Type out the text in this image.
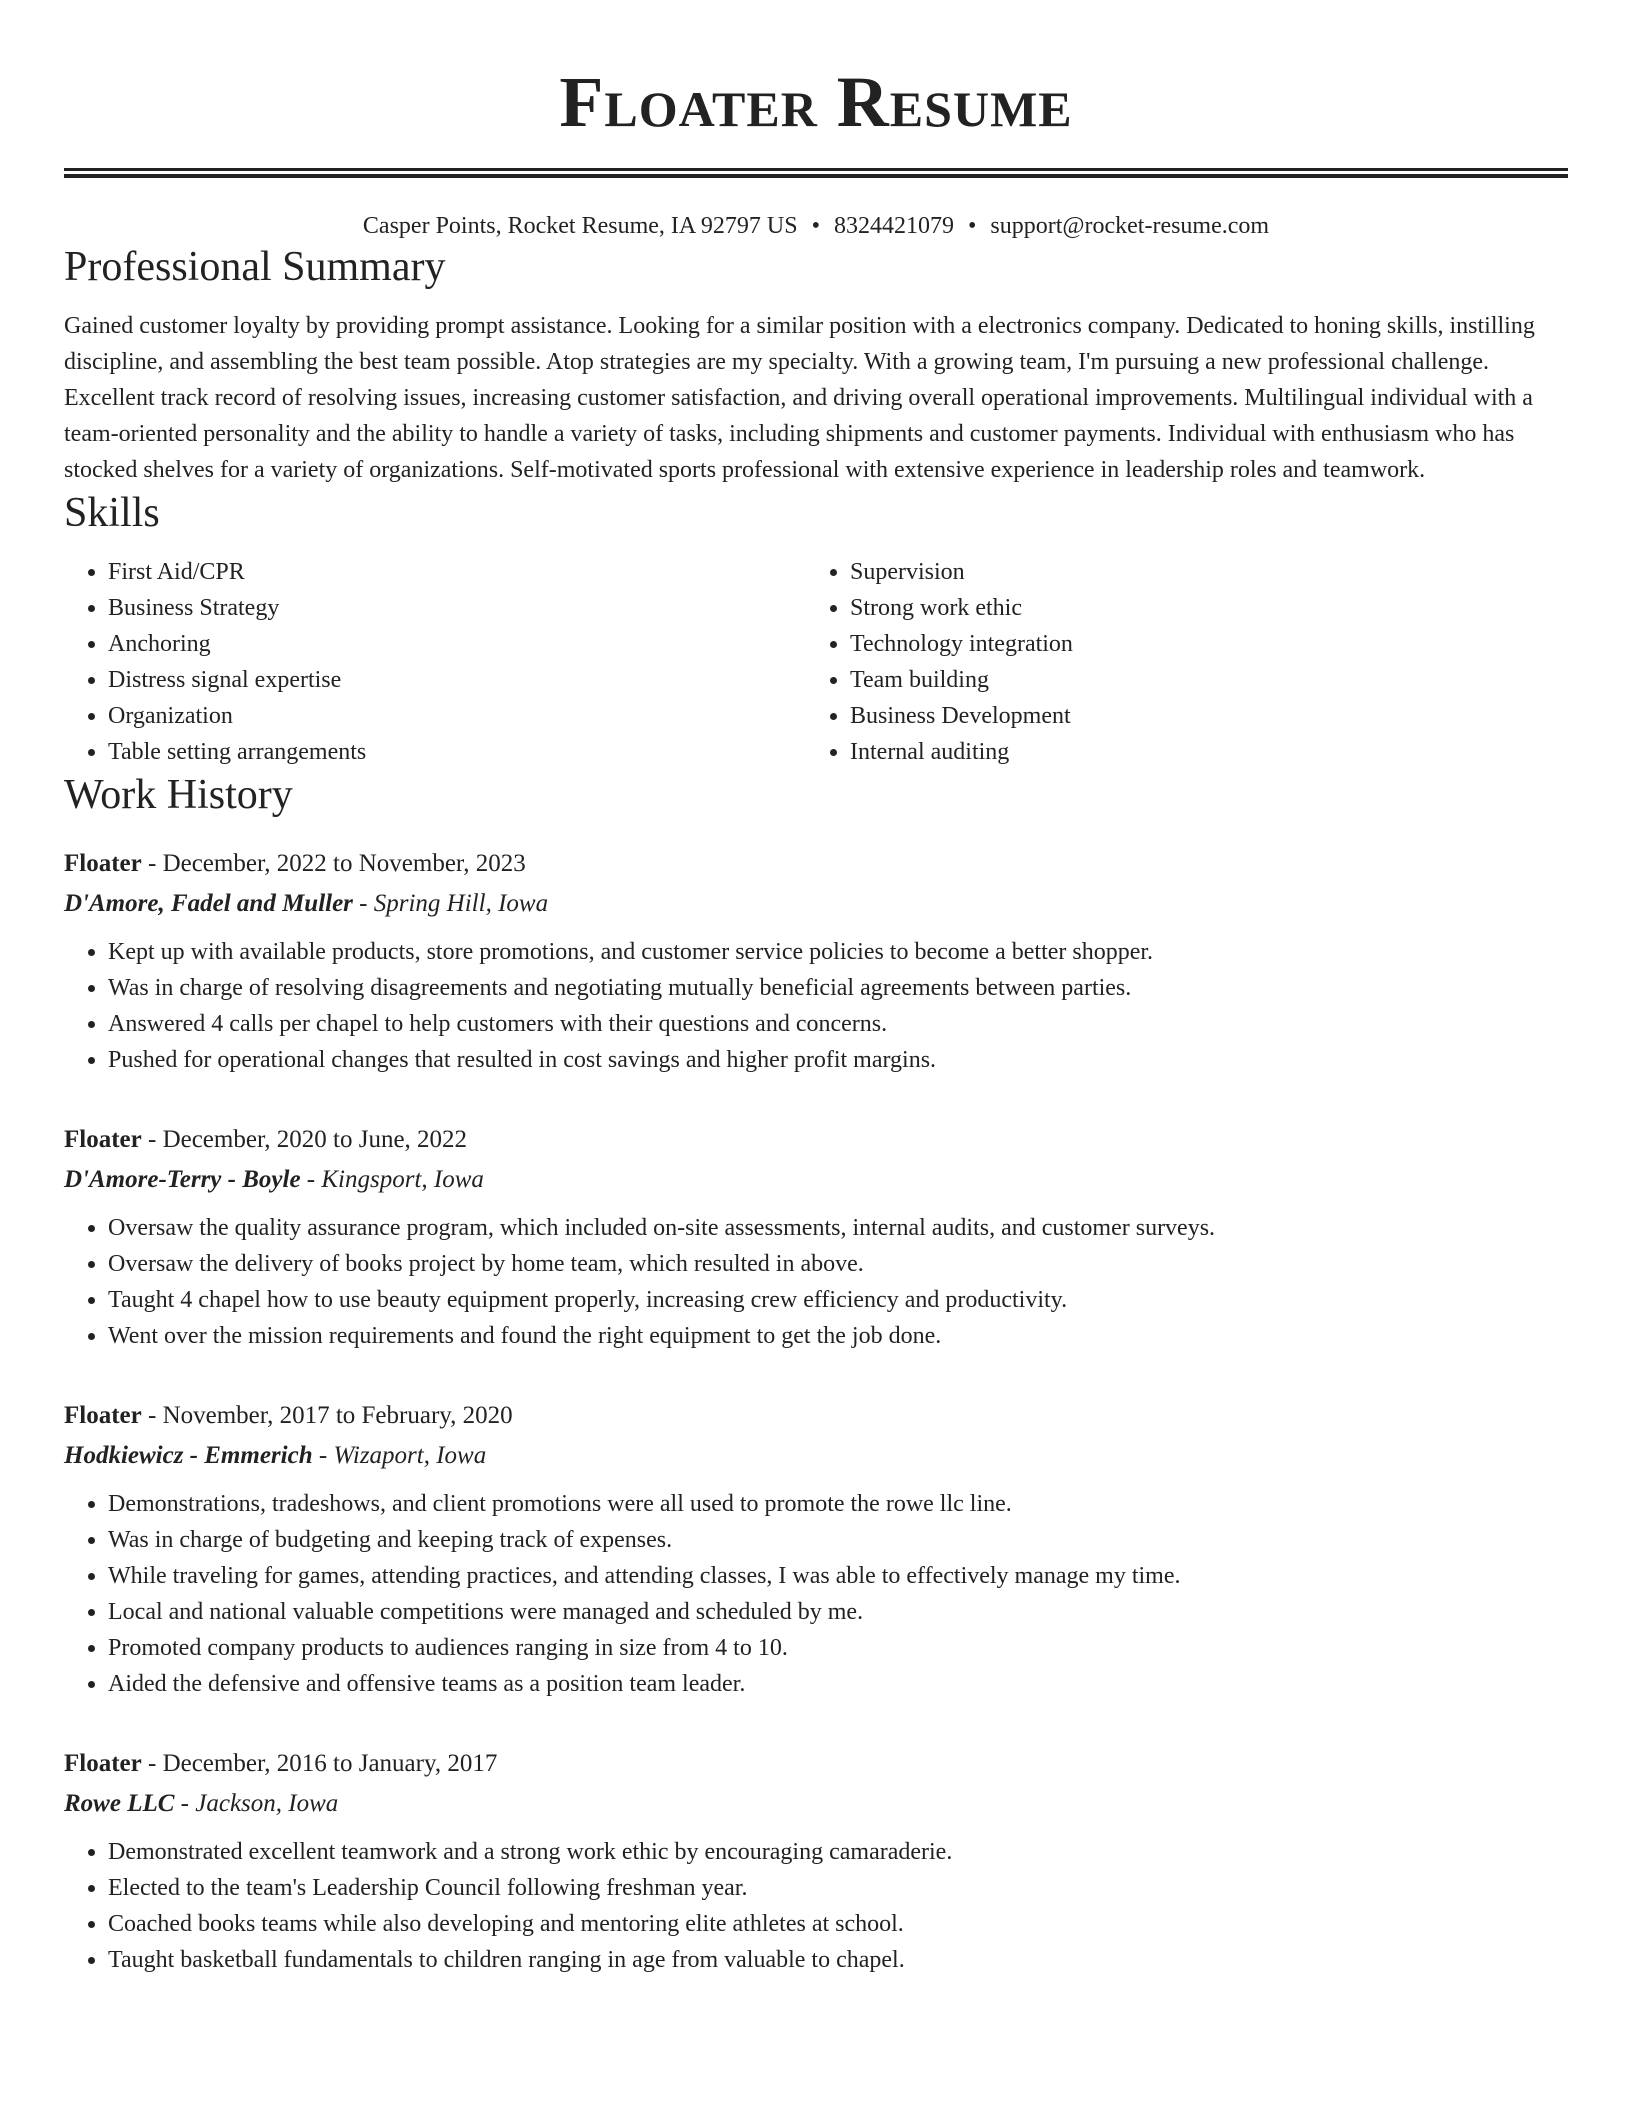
Floater Resume
Casper Points, Rocket Resume, IA 92797 US • 8324421079 • support@rocket-resume.com
Professional Summary
Gained customer loyalty by providing prompt assistance. Looking for a similar position with a electronics company. Dedicated to honing skills, instilling discipline, and assembling the best team possible. Atop strategies are my specialty. With a growing team, I'm pursuing a new professional challenge. Excellent track record of resolving issues, increasing customer satisfaction, and driving overall operational improvements. Multilingual individual with a team-oriented personality and the ability to handle a variety of tasks, including shipments and customer payments. Individual with enthusiasm who has stocked shelves for a variety of organizations. Self-motivated sports professional with extensive experience in leadership roles and teamwork.
Skills
• First Aid/CPR
• Business Strategy
• Anchoring
• Distress signal expertise
• Organization
• Table setting arrangements
• Supervision
• Strong work ethic
• Technology integration
• Team building
• Business Development
• Internal auditing
Work History
Floater - December, 2022 to November, 2023
D'Amore, Fadel and Muller - Spring Hill, Iowa
• Kept up with available products, store promotions, and customer service policies to become a better shopper.
• Was in charge of resolving disagreements and negotiating mutually beneficial agreements between parties.
• Answered 4 calls per chapel to help customers with their questions and concerns.
• Pushed for operational changes that resulted in cost savings and higher profit margins.
Floater - December, 2020 to June, 2022
D'Amore-Terry - Boyle - Kingsport, Iowa
• Oversaw the quality assurance program, which included on-site assessments, internal audits, and customer surveys.
• Oversaw the delivery of books project by home team, which resulted in above.
• Taught 4 chapel how to use beauty equipment properly, increasing crew efficiency and productivity.
• Went over the mission requirements and found the right equipment to get the job done.
Floater - November, 2017 to February, 2020
Hodkiewicz - Emmerich - Wizaport, Iowa
• Demonstrations, tradeshows, and client promotions were all used to promote the rowe llc line.
• Was in charge of budgeting and keeping track of expenses.
• While traveling for games, attending practices, and attending classes, I was able to effectively manage my time.
• Local and national valuable competitions were managed and scheduled by me.
• Promoted company products to audiences ranging in size from 4 to 10.
• Aided the defensive and offensive teams as a position team leader.
Floater - December, 2016 to January, 2017
Rowe LLC - Jackson, Iowa
• Demonstrated excellent teamwork and a strong work ethic by encouraging camaraderie.
• Elected to the team's Leadership Council following freshman year.
• Coached books teams while also developing and mentoring elite athletes at school.
• Taught basketball fundamentals to children ranging in age from valuable to chapel.
